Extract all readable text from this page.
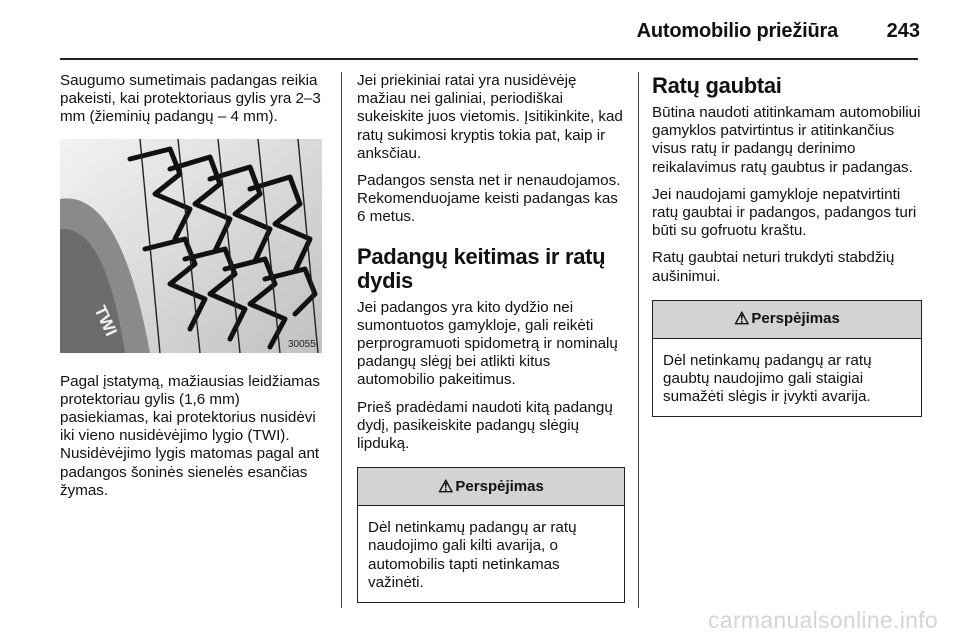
Automobilio priežiūra 243

Saugumo sumetimais padangas reikia pakeisti, kai protektoriaus gylis yra 2–3 mm (žieminių padangų – 4 mm).

TWI
30055

Pagal įstatymą, mažiausias leidžiamas protektoriau gylis (1,6 mm) pasiekiamas, kai protektorius nusidėvi iki vieno nusidėvėjimo lygio (TWI). Nusidėvėjimo lygis matomas pagal ant padangos šoninės sienelės esančias žymas.

Jei priekiniai ratai yra nusidėvėję mažiau nei galiniai, periodiškai sukeiskite juos vietomis. Įsitikinkite, kad ratų sukimosi kryptis tokia pat, kaip ir anksčiau.

Padangos sensta net ir nenaudojamos. Rekomenduojame keisti padangas kas 6 metus.

Padangų keitimas ir ratų dydis

Jei padangos yra kito dydžio nei sumontuotos gamykloje, gali reikėti perprogramuoti spidometrą ir nominalų padangų slėgį bei atlikti kitus automobilio pakeitimus.

Prieš pradėdami naudoti kitą padangų dydį, pasikeiskite padangų slėgių lipduką.

⚠ Perspėjimas

Dėl netinkamų padangų ar ratų naudojimo gali kilti avarija, o automobilis tapti netinkamas važinėti.

Ratų gaubtai

Būtina naudoti atitinkamam automobiliui gamyklos patvirtintus ir atitinkančius visus ratų ir padangų derinimo reikalavimus ratų gaubtus ir padangas.

Jei naudojami gamykloje nepatvirtinti ratų gaubtai ir padangos, padangos turi būti su gofruotu kraštu.

Ratų gaubtai neturi trukdyti stabdžių aušinimui.

⚠ Perspėjimas

Dėl netinkamų padangų ar ratų gaubtų naudojimo gali staigiai sumažėti slėgis ir įvykti avarija.

carmanualsonline.info
